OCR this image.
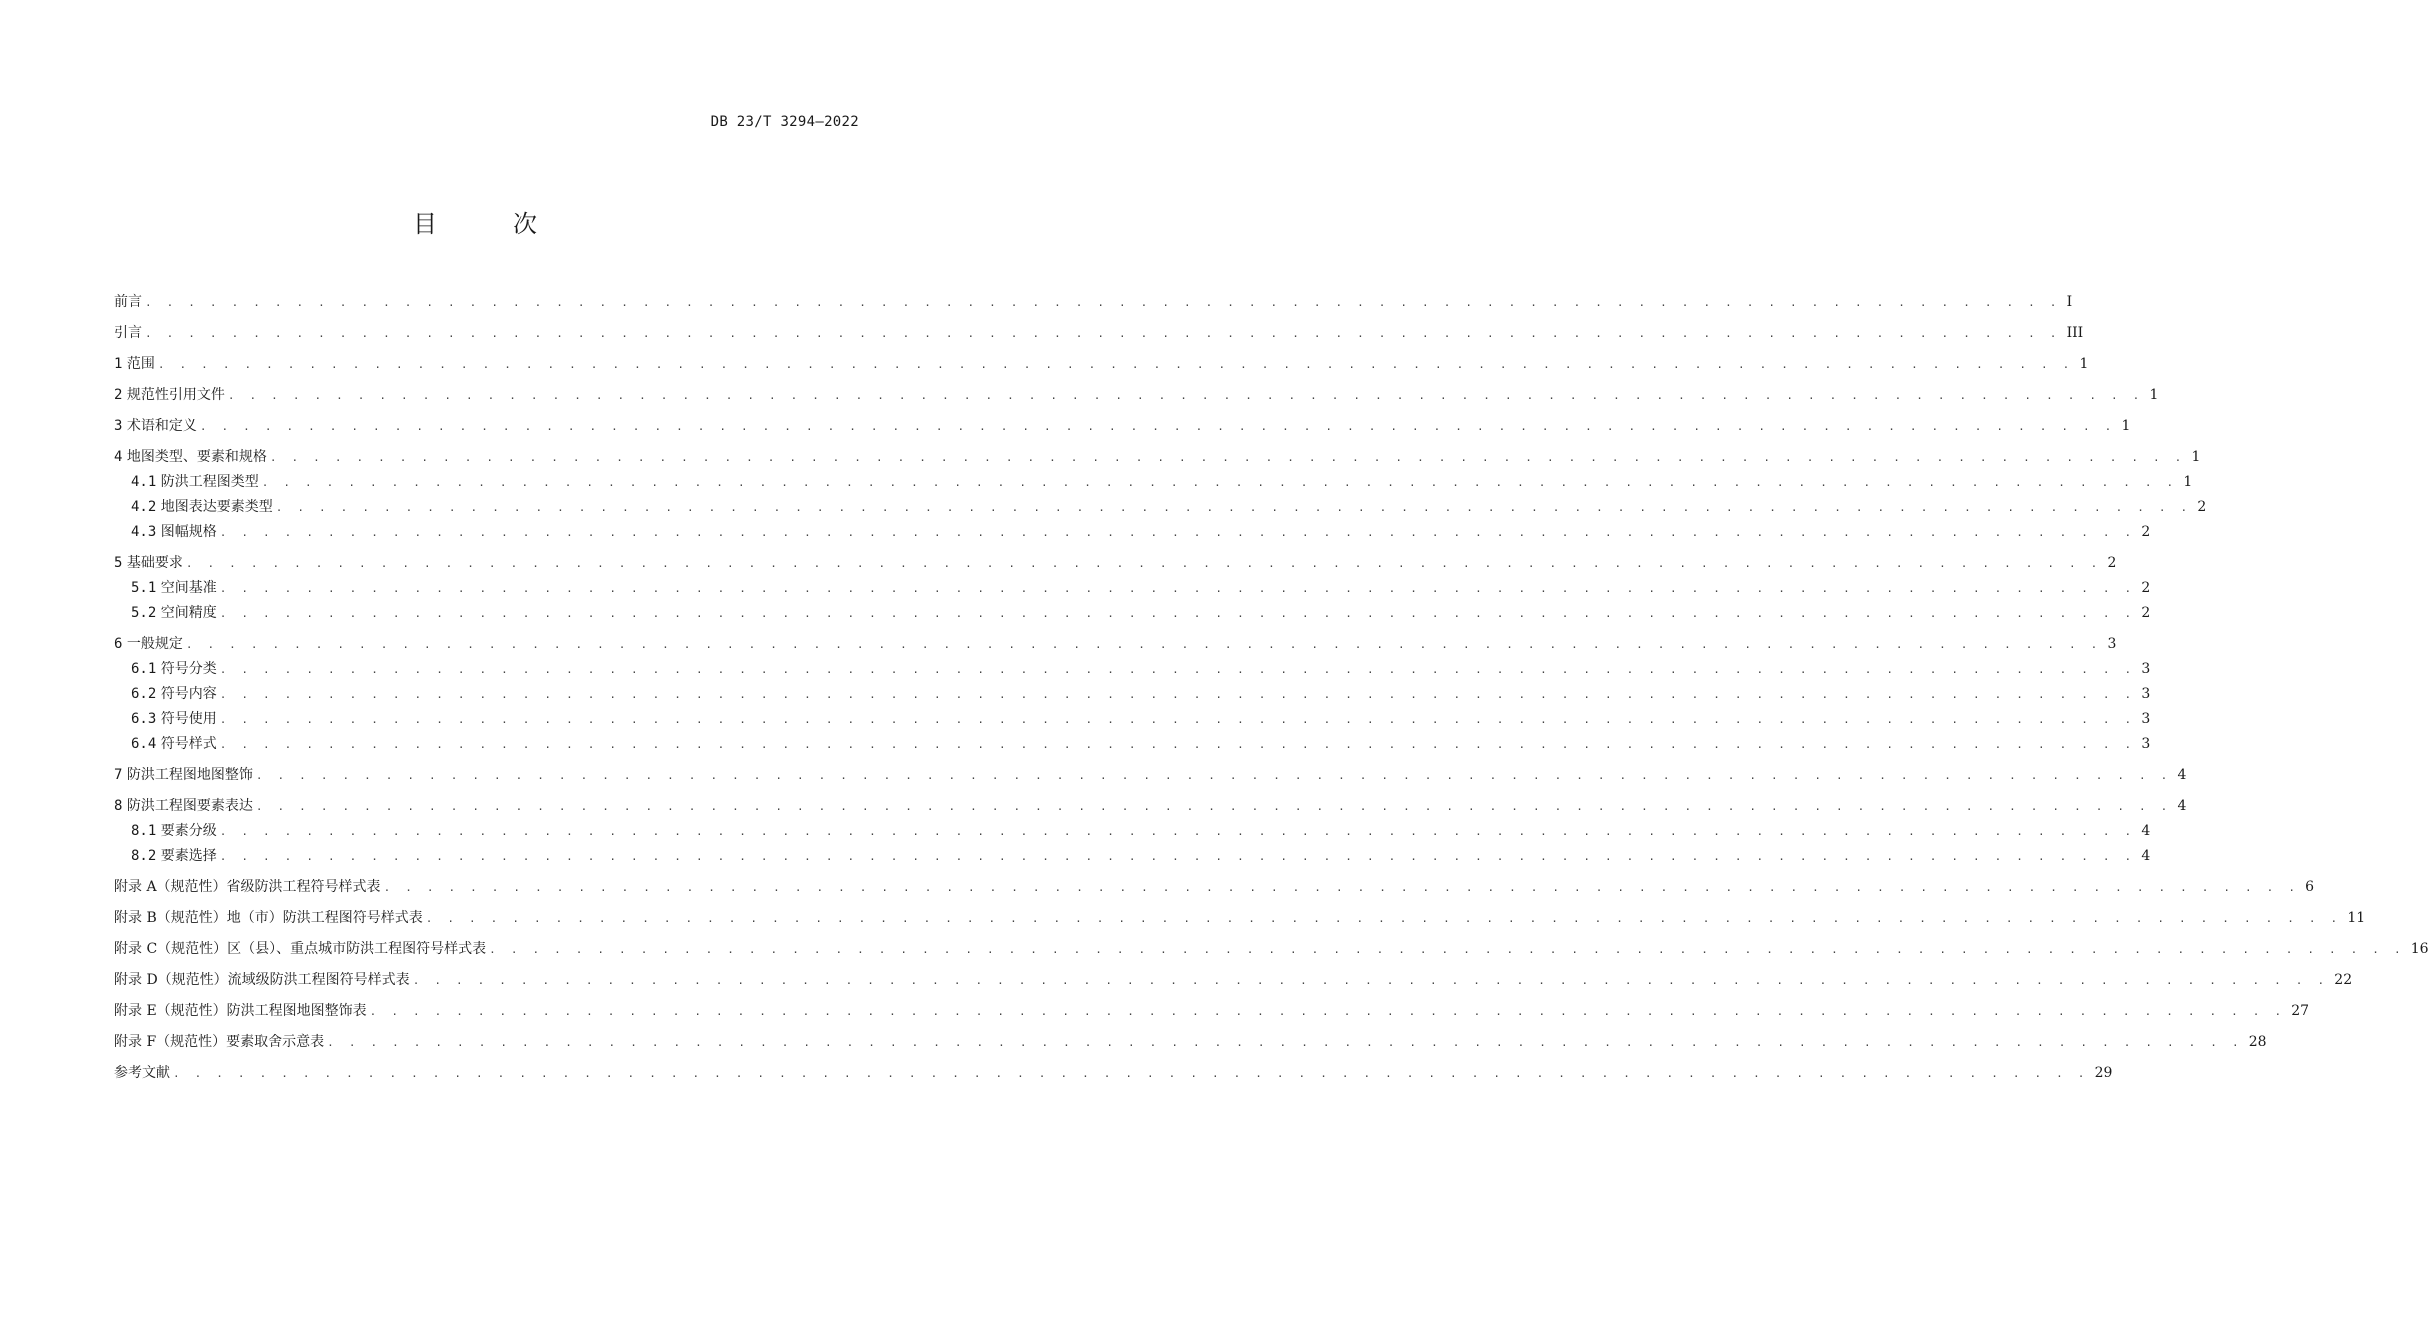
DB 23/T 3294—2022
目　次
前言 . . . . . . . . . . . . . . . . . . . . . . . . . . . . . . . . . . . . . . . . . . . . . . . . . . . . . . . . . . . . . . . . . . . . . . . . . . . . . . . . . . . . . . . . . I
引言 . . . . . . . . . . . . . . . . . . . . . . . . . . . . . . . . . . . . . . . . . . . . . . . . . . . . . . . . . . . . . . . . . . . . . . . . . . . . . . . . . . . . . . . . . III
1 范围 . . . . . . . . . . . . . . . . . . . . . . . . . . . . . . . . . . . . . . . . . . . . . . . . . . . . . . . . . . . . . . . . . . . . . . . . . . . . . . . . . . . . . . . . . 1
2 规范性引用文件 . . . . . . . . . . . . . . . . . . . . . . . . . . . . . . . . . . . . . . . . . . . . . . . . . . . . . . . . . . . . . . . . . . . . . . . . . . . . . . . . . . . . . . . . . 1
3 术语和定义 . . . . . . . . . . . . . . . . . . . . . . . . . . . . . . . . . . . . . . . . . . . . . . . . . . . . . . . . . . . . . . . . . . . . . . . . . . . . . . . . . . . . . . . . . 1
4 地图类型、要素和规格 . . . . . . . . . . . . . . . . . . . . . . . . . . . . . . . . . . . . . . . . . . . . . . . . . . . . . . . . . . . . . . . . . . . . . . . . . . . . . . . . . . . . . . . . . 1
4.1 防洪工程图类型 . . . . . . . . . . . . . . . . . . . . . . . . . . . . . . . . . . . . . . . . . . . . . . . . . . . . . . . . . . . . . . . . . . . . . . . . . . . . . . . . . . . . . . . . . 1
4.2 地图表达要素类型 . . . . . . . . . . . . . . . . . . . . . . . . . . . . . . . . . . . . . . . . . . . . . . . . . . . . . . . . . . . . . . . . . . . . . . . . . . . . . . . . . . . . . . . . . 2
4.3 图幅规格 . . . . . . . . . . . . . . . . . . . . . . . . . . . . . . . . . . . . . . . . . . . . . . . . . . . . . . . . . . . . . . . . . . . . . . . . . . . . . . . . . . . . . . . . . 2
5 基础要求 . . . . . . . . . . . . . . . . . . . . . . . . . . . . . . . . . . . . . . . . . . . . . . . . . . . . . . . . . . . . . . . . . . . . . . . . . . . . . . . . . . . . . . . . . 2
5.1 空间基准 . . . . . . . . . . . . . . . . . . . . . . . . . . . . . . . . . . . . . . . . . . . . . . . . . . . . . . . . . . . . . . . . . . . . . . . . . . . . . . . . . . . . . . . . . 2
5.2 空间精度 . . . . . . . . . . . . . . . . . . . . . . . . . . . . . . . . . . . . . . . . . . . . . . . . . . . . . . . . . . . . . . . . . . . . . . . . . . . . . . . . . . . . . . . . . 2
6 一般规定 . . . . . . . . . . . . . . . . . . . . . . . . . . . . . . . . . . . . . . . . . . . . . . . . . . . . . . . . . . . . . . . . . . . . . . . . . . . . . . . . . . . . . . . . . 3
6.1 符号分类 . . . . . . . . . . . . . . . . . . . . . . . . . . . . . . . . . . . . . . . . . . . . . . . . . . . . . . . . . . . . . . . . . . . . . . . . . . . . . . . . . . . . . . . . . 3
6.2 符号内容 . . . . . . . . . . . . . . . . . . . . . . . . . . . . . . . . . . . . . . . . . . . . . . . . . . . . . . . . . . . . . . . . . . . . . . . . . . . . . . . . . . . . . . . . . 3
6.3 符号使用 . . . . . . . . . . . . . . . . . . . . . . . . . . . . . . . . . . . . . . . . . . . . . . . . . . . . . . . . . . . . . . . . . . . . . . . . . . . . . . . . . . . . . . . . . 3
6.4 符号样式 . . . . . . . . . . . . . . . . . . . . . . . . . . . . . . . . . . . . . . . . . . . . . . . . . . . . . . . . . . . . . . . . . . . . . . . . . . . . . . . . . . . . . . . . . 3
7 防洪工程图地图整饰 . . . . . . . . . . . . . . . . . . . . . . . . . . . . . . . . . . . . . . . . . . . . . . . . . . . . . . . . . . . . . . . . . . . . . . . . . . . . . . . . . . . . . . . . . 4
8 防洪工程图要素表达 . . . . . . . . . . . . . . . . . . . . . . . . . . . . . . . . . . . . . . . . . . . . . . . . . . . . . . . . . . . . . . . . . . . . . . . . . . . . . . . . . . . . . . . . . 4
8.1 要素分级 . . . . . . . . . . . . . . . . . . . . . . . . . . . . . . . . . . . . . . . . . . . . . . . . . . . . . . . . . . . . . . . . . . . . . . . . . . . . . . . . . . . . . . . . . 4
8.2 要素选择 . . . . . . . . . . . . . . . . . . . . . . . . . . . . . . . . . . . . . . . . . . . . . . . . . . . . . . . . . . . . . . . . . . . . . . . . . . . . . . . . . . . . . . . . . 4
附录 A（规范性）省级防洪工程符号样式表 . . . . . . . . . . . . . . . . . . . . . . . . . . . . . . . . . . . . . . . . . . . . . . . . . . . . . . . . . . . . . . . . . . . . . . . . . . . . . . . . . . . . . . . . . 6
附录 B（规范性）地（市）防洪工程图符号样式表 . . . . . . . . . . . . . . . . . . . . . . . . . . . . . . . . . . . . . . . . . . . . . . . . . . . . . . . . . . . . . . . . . . . . . . . . . . . . . . . . . . . . . . . . . 11
附录 C（规范性）区（县）、重点城市防洪工程图符号样式表 . . . . . . . . . . . . . . . . . . . . . . . . . . . . . . . . . . . . . . . . . . . . . . . . . . . . . . . . . . . . . . . . . . . . . . . . . . . . . . . . . . . . . . . . . 16
附录 D（规范性）流域级防洪工程图符号样式表 . . . . . . . . . . . . . . . . . . . . . . . . . . . . . . . . . . . . . . . . . . . . . . . . . . . . . . . . . . . . . . . . . . . . . . . . . . . . . . . . . . . . . . . . . 22
附录 E（规范性）防洪工程图地图整饰表 . . . . . . . . . . . . . . . . . . . . . . . . . . . . . . . . . . . . . . . . . . . . . . . . . . . . . . . . . . . . . . . . . . . . . . . . . . . . . . . . . . . . . . . . . 27
附录 F（规范性）要素取舍示意表 . . . . . . . . . . . . . . . . . . . . . . . . . . . . . . . . . . . . . . . . . . . . . . . . . . . . . . . . . . . . . . . . . . . . . . . . . . . . . . . . . . . . . . . . . 28
参考文献 . . . . . . . . . . . . . . . . . . . . . . . . . . . . . . . . . . . . . . . . . . . . . . . . . . . . . . . . . . . . . . . . . . . . . . . . . . . . . . . . . . . . . . . . . 29
